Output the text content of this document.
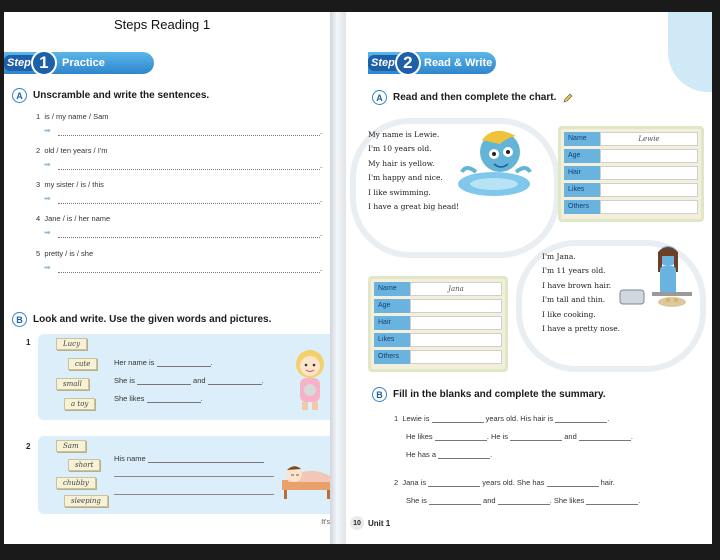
Steps Reading 1
Step 1	Practice
A	Unscramble and write the sentences.
1 is / my name / Sam
➡	.
2 old / ten years / I'm
➡	.
3 my sister / is / this
➡	.
4 Jane / is / her name
➡	.
5 pretty / is / she
➡	.
B	Look and write. Use the given words and pictures.
1	Lucy
cute
small
a toy
Her name is	.
She is	and	.
She likes	.
2	Sam
short
chubby
sleeping
His name
It's
Step 2	Read & Write
A	Read and then complete the chart.
My name is Lewie.
I'm 10 years old.
My hair is yellow.
I'm happy and nice.
I like swimming.
I have a great big head!
Name	Lewie
Age
Hair
Likes
Others
I'm Jana.
I'm 11 years old.
I have brown hair.
I'm tall and thin.
I like cooking.
I have a pretty nose.
Name	Jana
Age
Hair
Likes
Others
B	Fill in the blanks and complete the summary.
1 Lewie is	years old. His hair is	.
He likes	. He is	and	.
He has a	.
2 Jana is	years old. She has	hair.
She is	and	. She likes	.
10 Unit 1
